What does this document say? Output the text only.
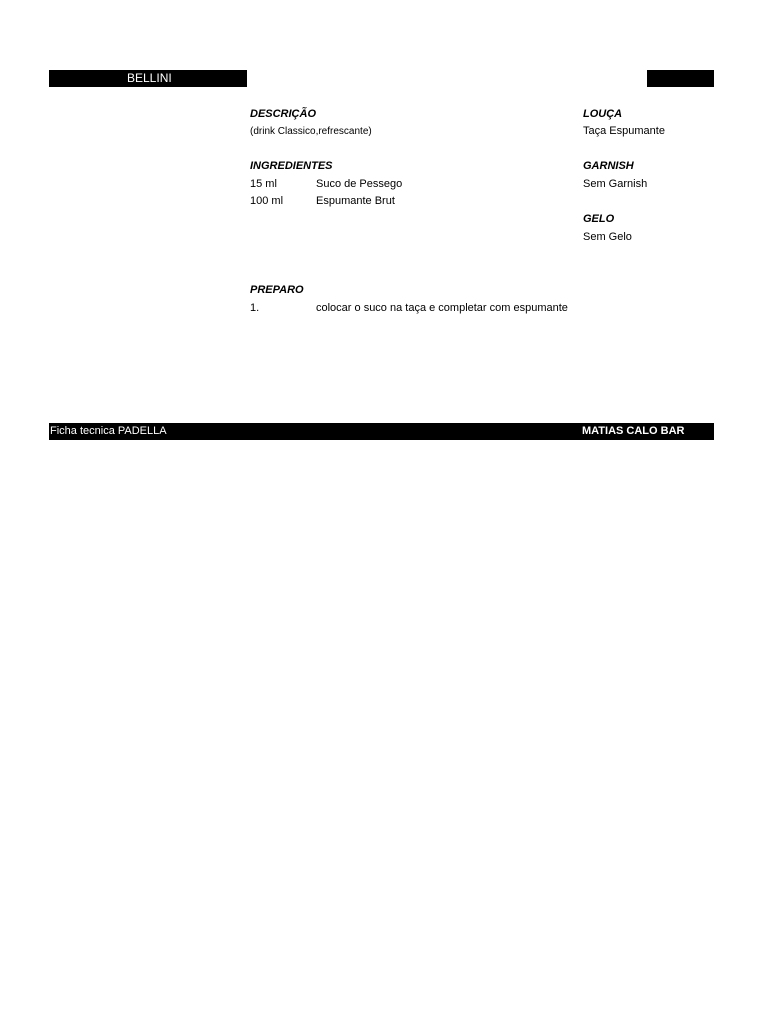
BELLINI
DESCRIÇÃO
(drink Classico,refrescante)
INGREDIENTES
15 ml	Suco de Pessego
100 ml	Espumante Brut
PREPARO
1.	colocar o suco na taça e completar com espumante
LOUÇA
Taça Espumante
GARNISH
Sem Garnish
GELO
Sem Gelo
Ficha tecnica PADELLA	MATIAS CALO BAR
